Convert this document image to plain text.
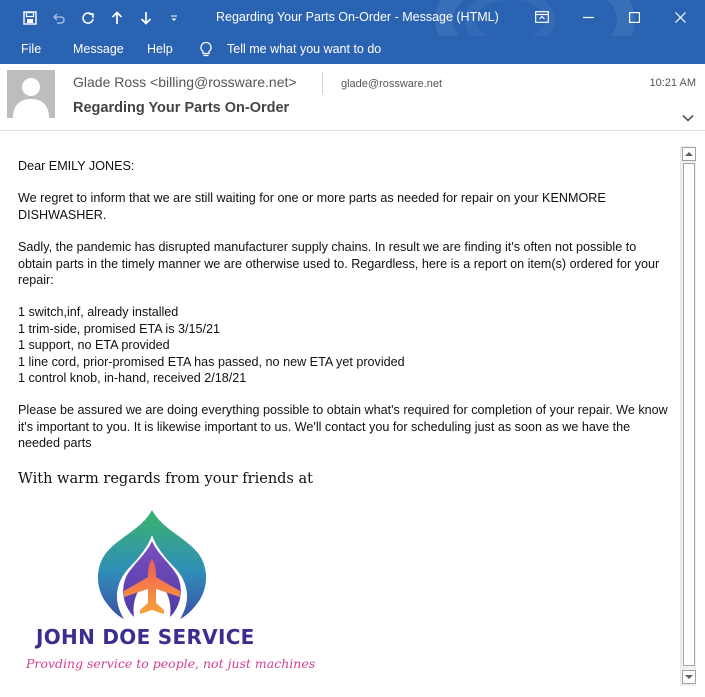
Regarding Your Parts On-Order - Message (HTML)
File	Message Help	Tell me what you want to do
Glade Ross <billing@rossware.net>	glade@rossware.net	10:21 AM
Regarding Your Parts On-Order

Dear EMILY JONES:

We regret to inform that we are still waiting for one or more parts as needed for repair on your KENMORE DISHWASHER.

Sadly, the pandemic has disrupted manufacturer supply chains. In result we are finding it's often not possible to obtain parts in the timely manner we are otherwise used to. Regardless, here is a report on item(s) ordered for your repair:

1 switch,inf, already installed

1 trim-side, promised ETA is 3/15/21

1 support, no ETA provided

1 line cord, prior-promised ETA has passed, no new ETA yet provided

1 control knob, in-hand, received 2/18/21

Please be assured we are doing everything possible to obtain what's required for completion of your repair. We know it's important to you. It is likewise important to us. We'll contact you for scheduling just as soon as we have the needed parts

With warm regards from your friends at
JOHN DOE SERVICE
Provding service to people, not just machines
